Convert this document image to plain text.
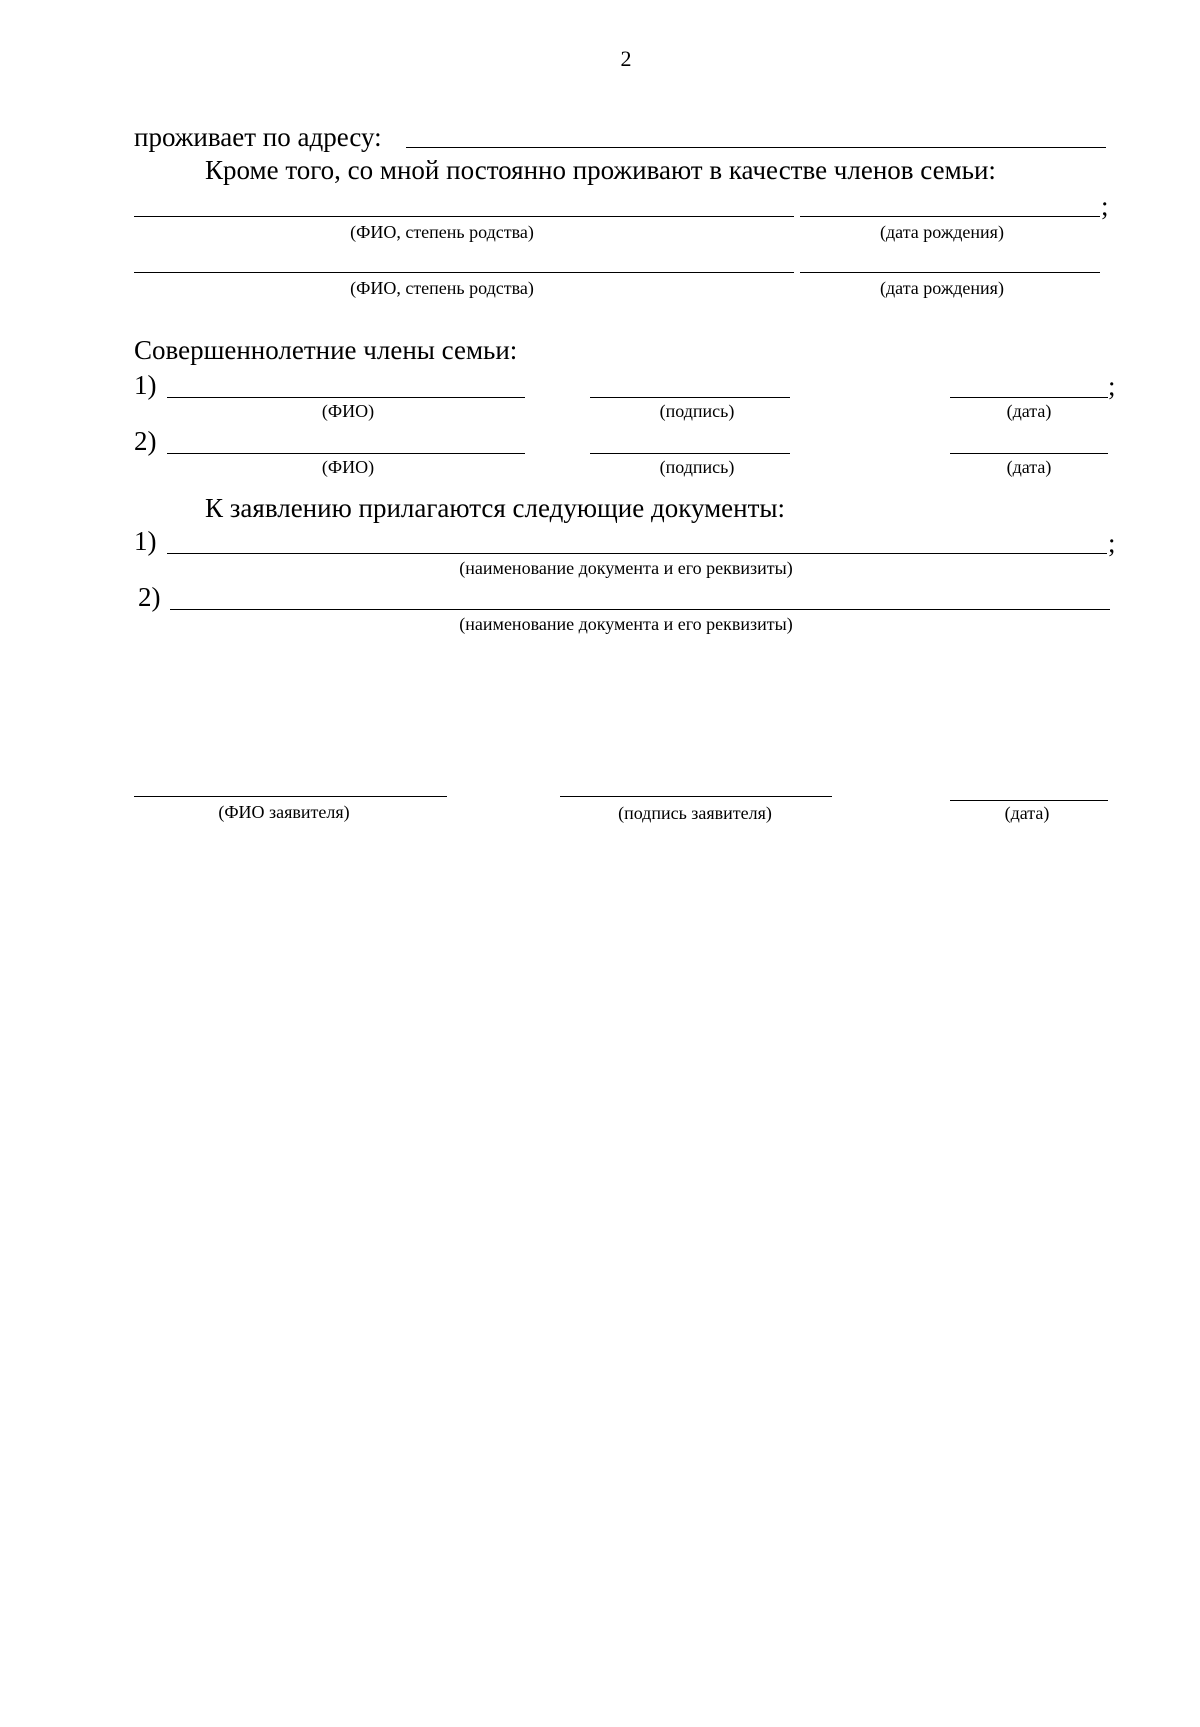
2
проживает по адресу:
Кроме того, со мной постоянно проживают в качестве членов семьи:
;
(ФИО, степень родства)	(дата рождения)
(ФИО, степень родства)	(дата рождения)
Совершеннолетние члены семьи:
1)	;
(ФИО)	(подпись)	(дата)
2)
(ФИО)	(подпись)	(дата)
К заявлению прилагаются следующие документы:
1)	;
(наименование документа и его реквизиты)
2)
(наименование документа и его реквизиты)
(ФИО заявителя)	(подпись заявителя)	(дата)
